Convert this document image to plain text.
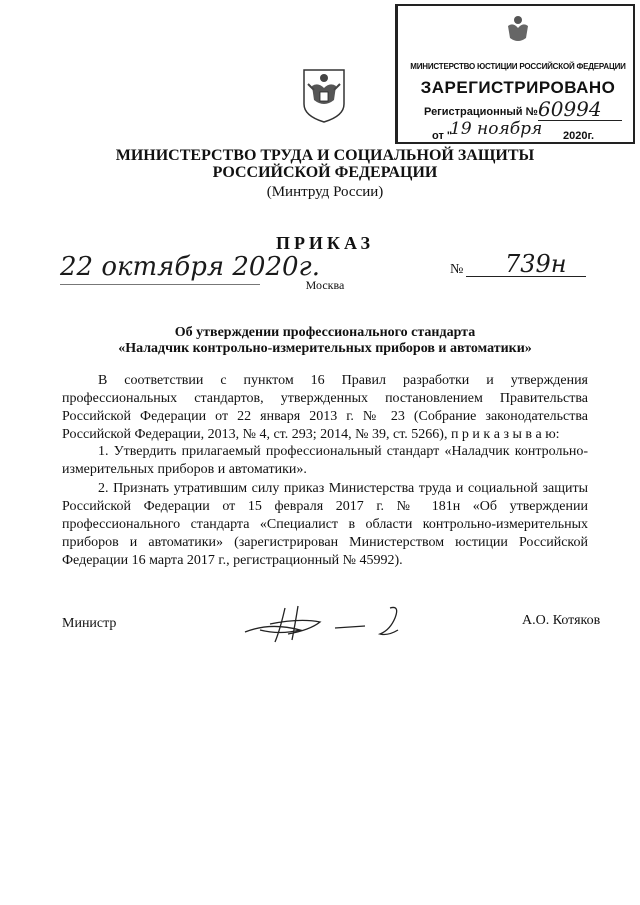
МИНИСТЕРСТВО ЮСТИЦИИ РОССИЙСКОЙ ФЕДЕРАЦИИ
ЗАРЕГИСТРИРОВАНО
Регистрационный № 60994
от "
19 ноября 2020г.
МИНИСТЕРСТВО ТРУДА И СОЦИАЛЬНОЙ ЗАЩИТЫ
РОССИЙСКОЙ ФЕДЕРАЦИИ
(Минтруд России)
ПРИКАЗ
22 октября 2020г.	№ 739н
Москва
Об утверждении профессионального стандарта
«Наладчик контрольно-измерительных приборов и автоматики»
В соответствии с пунктом 16 Правил разработки и утверждения профессиональных стандартов, утвержденных постановлением Правительства Российской Федерации от 22 января 2013 г. № 23 (Собрание законодательства Российской Федерации, 2013, № 4, ст. 293; 2014, № 39, ст. 5266), п р и к а з ы в а ю:
1. Утвердить прилагаемый профессиональный стандарт «Наладчик контрольно-измерительных приборов и автоматики».
2. Признать утратившим силу приказ Министерства труда и социальной защиты Российской Федерации от 15 февраля 2017 г. № 181н «Об утверждении профессионального стандарта «Специалист в области контрольно-измерительных приборов и автоматики» (зарегистрирован Министерством юстиции Российской Федерации 16 марта 2017 г., регистрационный № 45992).
Министр	А.О. Котяков
